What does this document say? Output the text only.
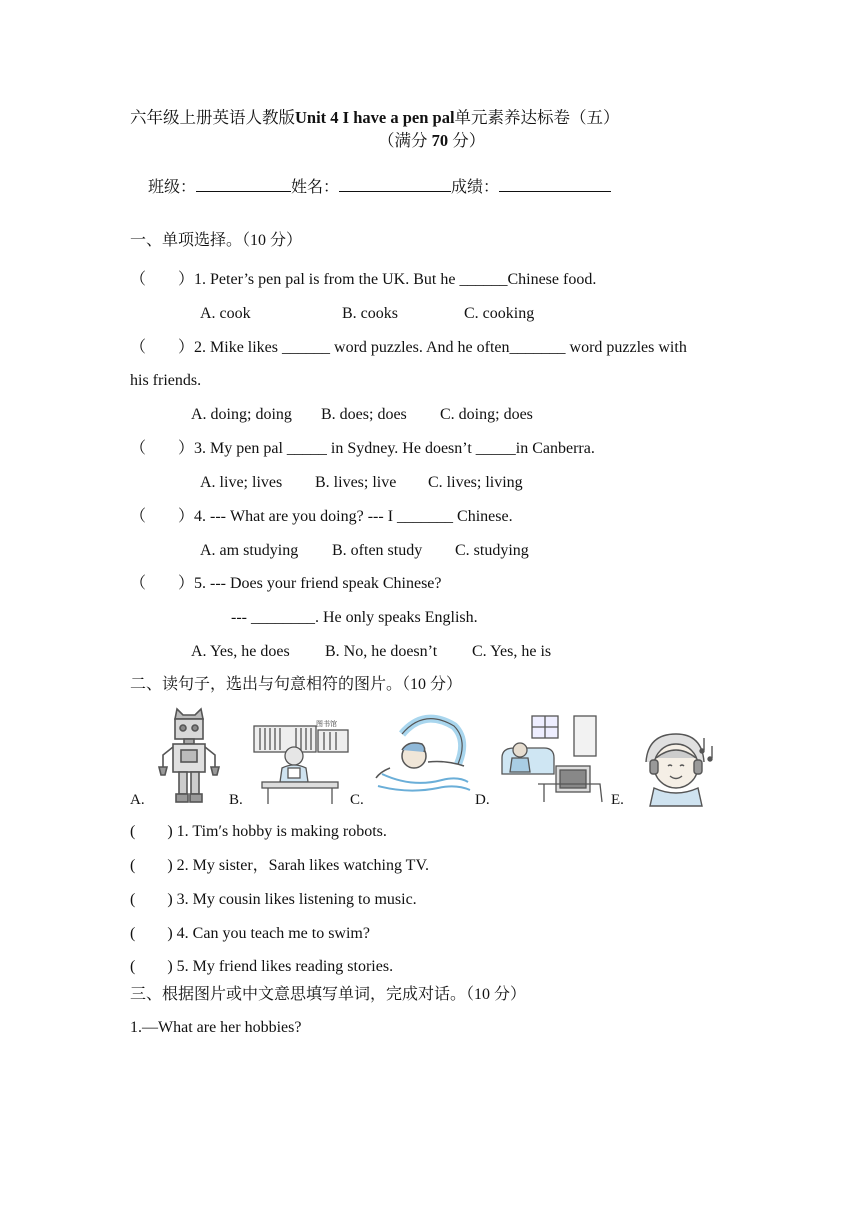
六年级上册英语人教版Unit 4 I have a pen pal单元素养达标卷（五）
（满分 70 分）
班级：	姓名：	成绩：
一、单项选择。（10 分）
（　　）1. Peter’s pen pal is from the UK. But he ______Chinese food.
A. cook	B. cooks	C. cooking
（　　）2. Mike likes ______ word puzzles. And he often_______ word puzzles with
his friends.
A. doing; doing B. does; does C. doing; does
（　　）3. My pen pal _____ in Sydney. He doesn’t _____in Canberra.
A. live; lives B. lives; live C. lives; living
（　　）4. --- What are you doing? --- I _______ Chinese.
A. am studying B. often study C. studying
（　　）5. --- Does your friend speak Chinese?
--- ________. He only speaks English.
A. Yes, he does B. No, he doesn’t C. Yes, he is
二、读句子，选出与句意相符的图片。（10 分）
A.	B.
图书馆
C.	D.	E.
(　　) 1. Tim′s hobby is making robots.
(　　) 2. My sister，Sarah likes watching TV.
(　　) 3. My cousin likes listening to music.
(　　) 4. Can you teach me to swim?
(　　) 5. My friend likes reading stories.
三、根据图片或中文意思填写单词，完成对话。（10 分）
1.—What are her hobbies?
